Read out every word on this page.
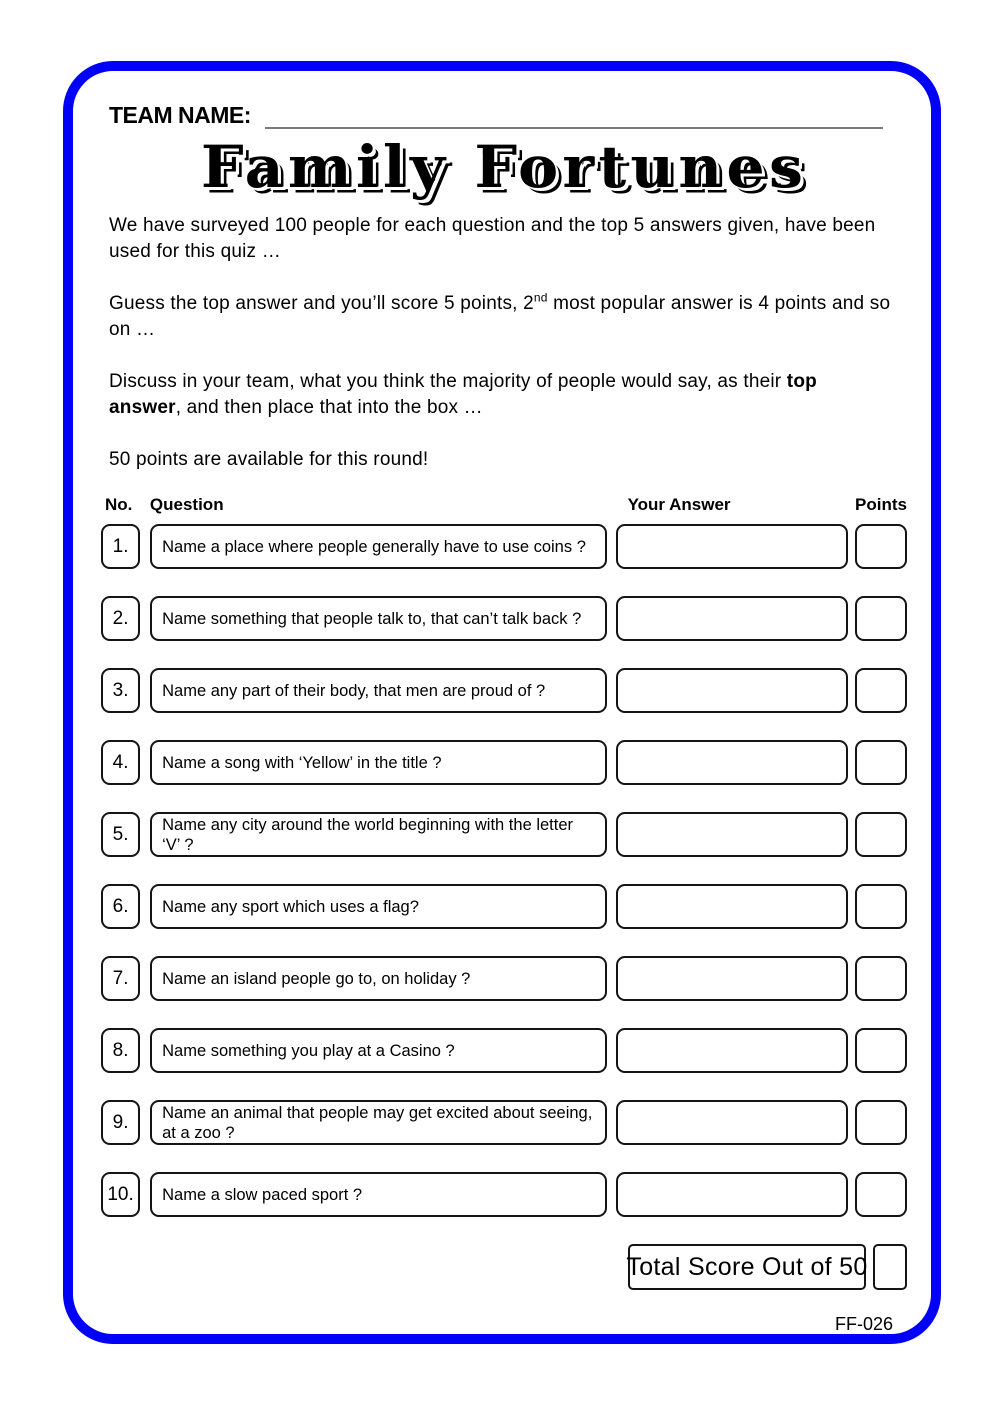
TEAM NAME:
Family Fortunes

We have surveyed 100 people for each question and the top 5 answers given, have been used for this quiz …

Guess the top answer and you’ll score 5 points, 2nd most popular answer is 4 points and so on …

Discuss in your team, what you think the majority of people would say, as their top answer, and then place that into the box …

50 points are available for this round!

No.	Question	Your Answer	Points
1.	Name a place where people generally have to use coins ?
2.	Name something that people talk to, that can’t talk back ?
3.	Name any part of their body, that men are proud of ?
4.	Name a song with ‘Yellow’ in the title ?
5.	Name any city around the world beginning with the letter ‘V’ ?
6.	Name any sport which uses a flag?
7.	Name an island people go to, on holiday ?
8.	Name something you play at a Casino ?
9.	Name an animal that people may get excited about seeing, at a zoo ?
10.	Name a slow paced sport ?
Total Score Out of 50
FF-026
